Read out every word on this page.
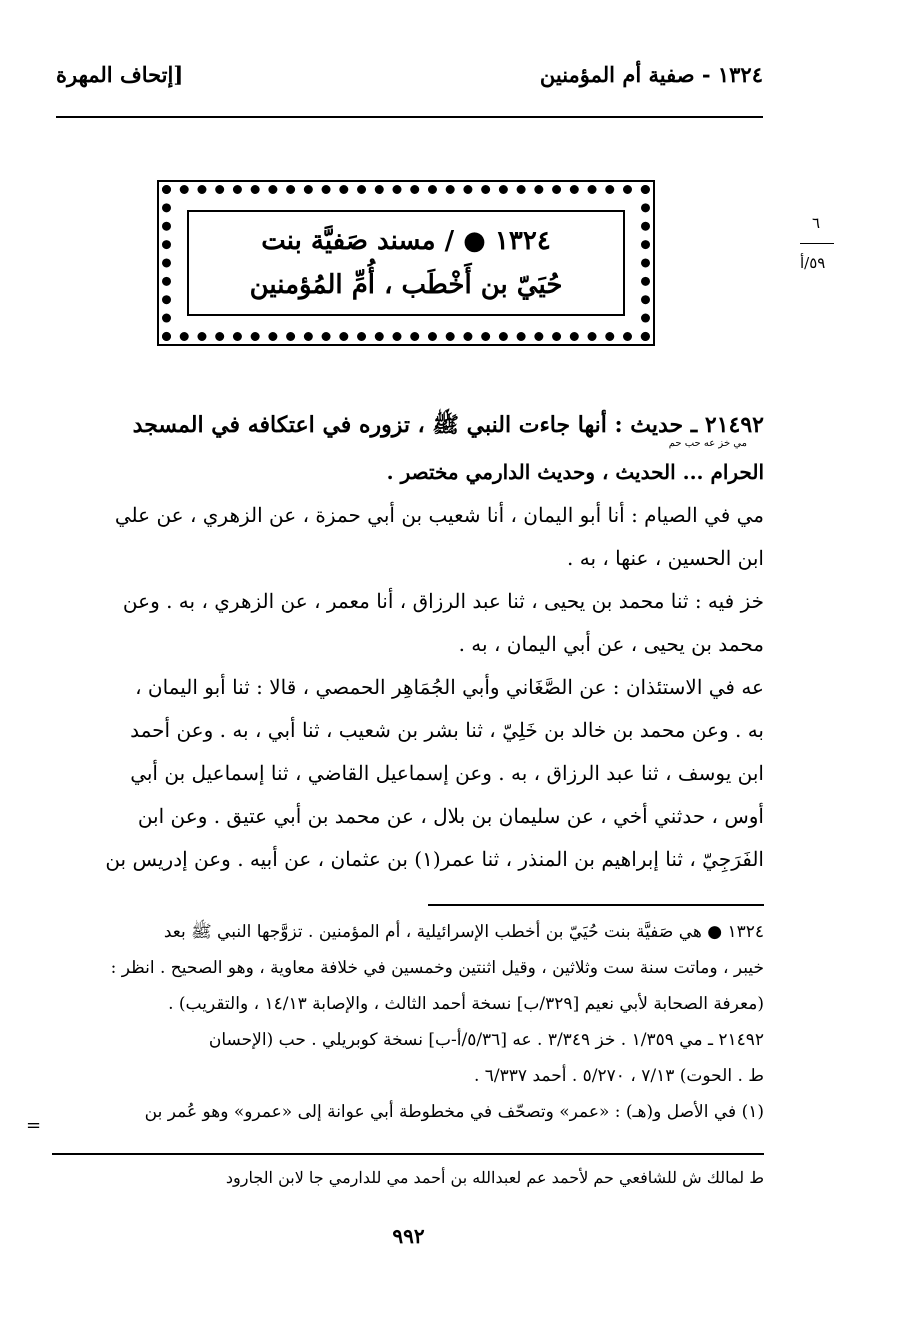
١٣٢٤ - صفية أم المؤمنين
[إتحاف المهرة
١٣٢٤ ● / مسند صَفيَّة بنت
حُيَيّ بن أَخْطَب ، أُمِّ المُؤمنين
٦
٥٩/أ
مي خز عه حب حم
٢١٤٩٢ ـ حديث : أنها جاءت النبي ﷺ ، تزوره في اعتكافه في المسجد
الحرام ... الحديث ، وحديث الدارمي مختصر .
مي في الصيام : أنا أبو اليمان ، أنا شعيب بن أبي حمزة ، عن الزهري ، عن علي
ابن الحسين ، عنها ، به .
خز فيه : ثنا محمد بن يحيى ، ثنا عبد الرزاق ، أنا معمر ، عن الزهري ، به . وعن
محمد بن يحيى ، عن أبي اليمان ، به .
عه في الاستئذان : عن الصَّغَاني وأبي الجُمَاهِر الحمصي ، قالا : ثنا أبو اليمان ،
به . وعن محمد بن خالد بن خَلِيّ ، ثنا بشر بن شعيب ، ثنا أبي ، به . وعن أحمد
ابن يوسف ، ثنا عبد الرزاق ، به . وعن إسماعيل القاضي ، ثنا إسماعيل بن أبي
أوس ، حدثني أخي ، عن سليمان بن بلال ، عن محمد بن أبي عتيق . وعن ابن
الفَرَجِيّ ، ثنا إبراهيم بن المنذر ، ثنا عمر(١) بن عثمان ، عن أبيه . وعن إدريس بن
١٣٢٤ ● هي صَفيَّة بنت حُيَيّ بن أخطب الإسرائيلية ، أم المؤمنين . تزوَّجها النبي ﷺ بعد
خيبر ، وماتت سنة ست وثلاثين ، وقيل اثنتين وخمسين في خلافة معاوية ، وهو الصحيح . انظر :
(معرفة الصحابة لأبي نعيم [٣٢٩/ب] نسخة أحمد الثالث ، والإصابة ١٤/١٣ ، والتقريب) .
٢١٤٩٢ ـ مي ١/٣٥٩ . خز ٣/٣٤٩ . عه [٥/٣٦/أ-ب] نسخة كوبريلي . حب (الإحسان
ط . الحوت) ٧/١٣ ، ٥/٢٧٠ . أحمد ٦/٣٣٧ .
(١) في الأصل و(هـ) : «عمر» وتصحّف في مخطوطة أبي عوانة إلى «عمرو» وهو عُمر بن
=
ط لمالك ش للشافعي حم لأحمد عم لعبدالله بن أحمد مي للدارمي جا لابن الجارود
٩٩٢
